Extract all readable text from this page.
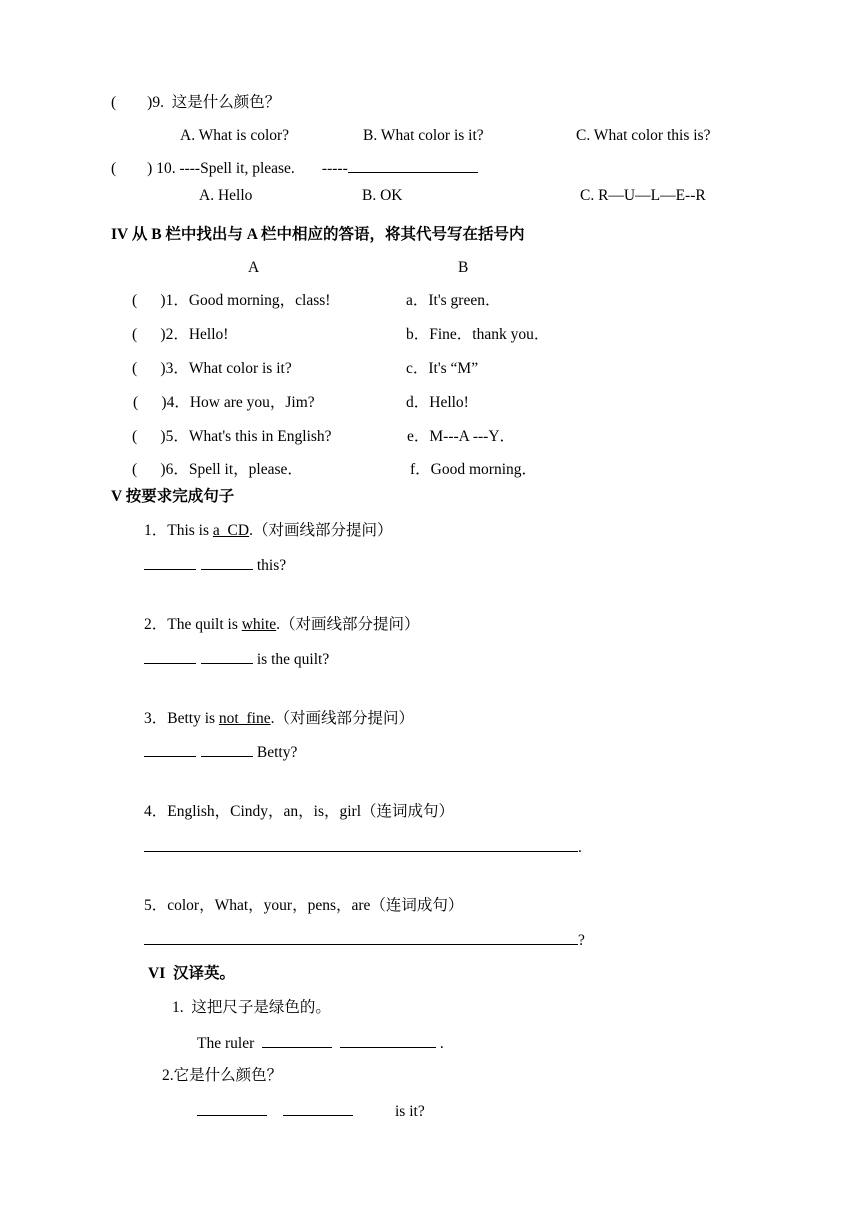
(        )9.  这是什么颜色？
A. What is color?	B. What color is it?	C. What color this is?
(        ) 10. ----Spell it, please.       -----
A. Hello	B. OK	C. R—U—L—E--R
IV 从 B 栏中找出与 A 栏中相应的答语，将其代号写在括号内
A	B
(      )1．Good morning，class!	a．It's green．
(      )2．Hello!	b．Fine．thank you．
(      )3．What color is it?	c．It's “M”
(      )4．How are you，Jim?	d．Hello!
(      )5．What's this in English?	e．M---A ---Y．
(      )6．Spell it，please．	f．Good morning．
V 按要求完成句子
1．This is a  CD.（对画线部分提问）
this?
2．The quilt is white.（对画线部分提问）
is the quilt?
3．Betty is not  fine.（对画线部分提问）
Betty?
4．English，Cindy，an，is，girl（连词成句）
.
5．color，What，your，pens，are（连词成句）
?
VI  汉译英。
1.  这把尺子是绿色的。
The ruler	.
2.它是什么颜色？
is it?
